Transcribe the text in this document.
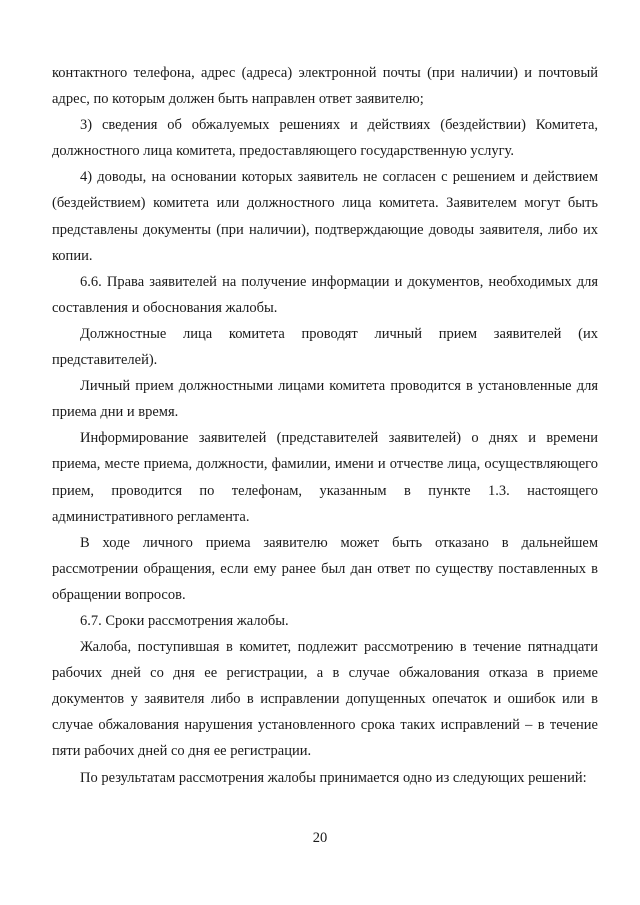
контактного телефона, адрес (адреса) электронной почты (при наличии) и почтовый адрес, по которым должен быть направлен ответ заявителю;

3) сведения об обжалуемых решениях и действиях (бездействии) Комитета, должностного лица комитета, предоставляющего государственную услугу.

4) доводы, на основании которых заявитель не согласен с решением и действием (бездействием) комитета или должностного лица комитета. Заявителем могут быть представлены документы (при наличии), подтверждающие доводы заявителя, либо их копии.

6.6. Права заявителей на получение информации и документов, необходимых для составления и обоснования жалобы.

Должностные лица комитета проводят личный прием заявителей (их представителей).

Личный прием должностными лицами комитета проводится в установленные для приема дни и время.

Информирование заявителей (представителей заявителей) о днях и времени приема, месте приема, должности, фамилии, имени и отчестве лица, осуществляющего прием, проводится по телефонам, указанным в пункте 1.3. настоящего административного регламента.

В ходе личного приема заявителю может быть отказано в дальнейшем рассмотрении обращения, если ему ранее был дан ответ по существу поставленных в обращении вопросов.

6.7. Сроки рассмотрения жалобы.

Жалоба, поступившая в комитет, подлежит рассмотрению в течение пятнадцати рабочих дней со дня ее регистрации, а в случае обжалования отказа в приеме документов у заявителя либо в исправлении допущенных опечаток и ошибок или в случае обжалования нарушения установленного срока таких исправлений – в течение пяти рабочих дней со дня ее регистрации.

По результатам рассмотрения жалобы принимается одно из следующих решений:

20
